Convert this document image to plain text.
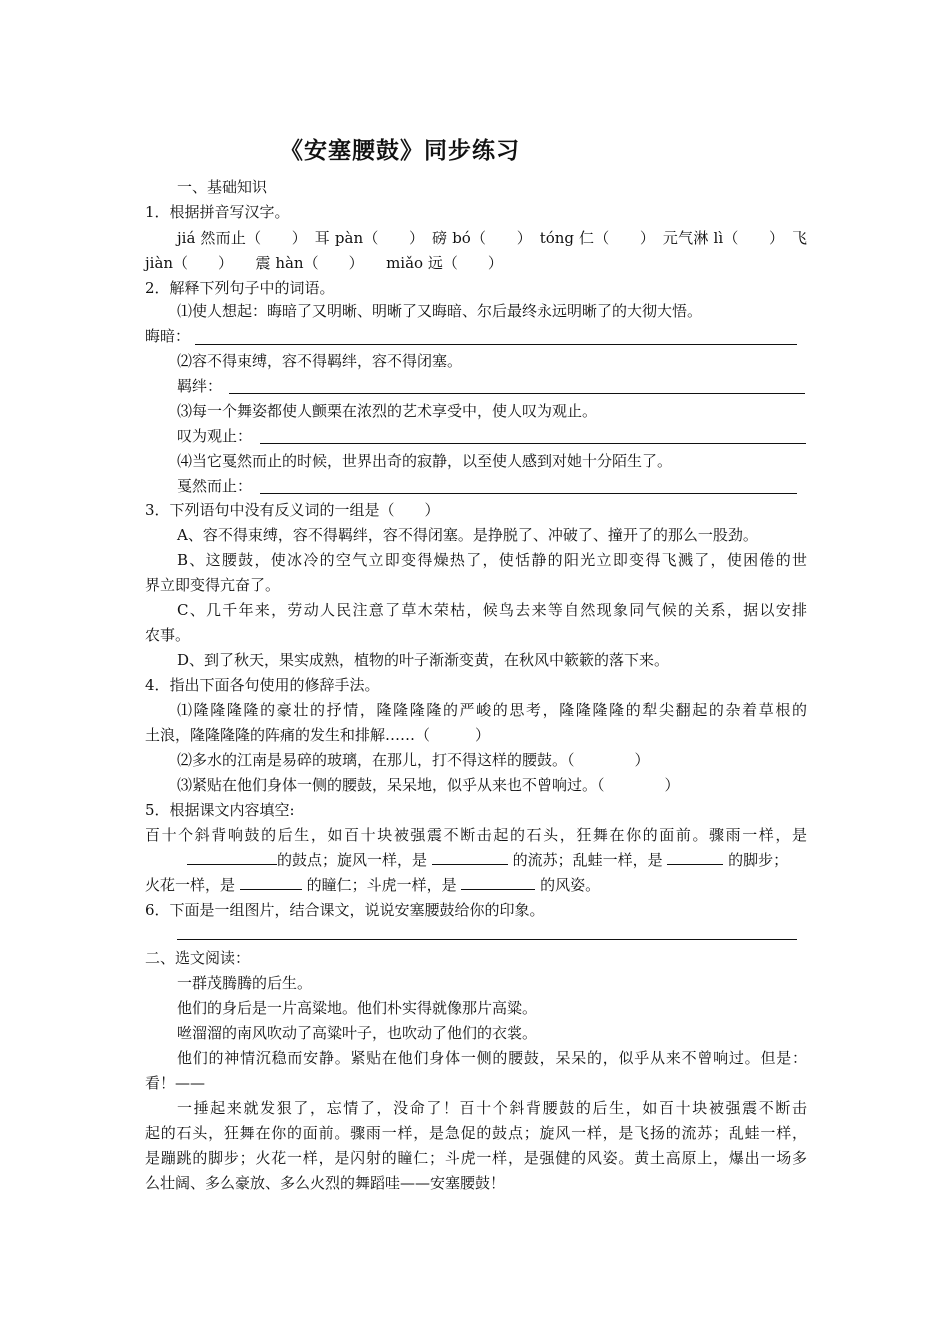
《安塞腰鼓》同步练习
一、基础知识
1．根据拼音写汉字。
jiá 然而止（　　）　耳 pàn（　　）　磅 bó（　　）　tóng 仁（　　）　元气淋 lì（　　）　飞
jiàn（　　）　　震 hàn（　　）　　miǎo 远（　　）
2．解释下列句子中的词语。
⑴使人想起：晦暗了又明晰、明晰了又晦暗、尔后最终永远明晰了的大彻大悟。
晦暗：
⑵容不得束缚，容不得羁绊，容不得闭塞。
羁绊：
⑶每一个舞姿都使人颤栗在浓烈的艺术享受中，使人叹为观止。
叹为观止：
⑷当它戛然而止的时候，世界出奇的寂静，以至使人感到对她十分陌生了。
戛然而止：
3．下列语句中没有反义词的一组是（　　）
A、容不得束缚，容不得羁绊，容不得闭塞。是挣脱了、冲破了、撞开了的那么一股劲。
B、这腰鼓，使冰冷的空气立即变得燥热了，使恬静的阳光立即变得飞溅了，使困倦的世
界立即变得亢奋了。
C、几千年来，劳动人民注意了草木荣枯，候鸟去来等自然现象同气候的关系，据以安排
农事。
D、到了秋天，果实成熟，植物的叶子渐渐变黄，在秋风中簌簌的落下来。
4．指出下面各句使用的修辞手法。
⑴隆隆隆隆的豪壮的抒情，隆隆隆隆的严峻的思考，隆隆隆隆的犁尖翻起的杂着草根的
土浪，隆隆隆隆的阵痛的发生和排解……（　　　）
⑵多水的江南是易碎的玻璃，在那儿，打不得这样的腰鼓。（　　　　）
⑶紧贴在他们身体一侧的腰鼓，呆呆地，似乎从来也不曾响过。（　　　　）
5．根据课文内容填空:
百十个斜背响鼓的后生，如百十块被强震不断击起的石头，狂舞在你的面前。骤雨一样，是
的鼓点；旋风一样，是	的流苏；乱蛙一样，是	的脚步；
火花一样，是	的瞳仁；斗虎一样，是	的风姿。
6．下面是一组图片，结合课文，说说安塞腰鼓给你的印象。
二、选文阅读：
一群茂腾腾的后生。
他们的身后是一片高粱地。他们朴实得就像那片高粱。
咝溜溜的南风吹动了高粱叶子，也吹动了他们的衣裳。
他们的神情沉稳而安静。紧贴在他们身体一侧的腰鼓，呆呆的，似乎从来不曾响过。但是：
看！——
一捶起来就发狠了，忘情了，没命了！百十个斜背腰鼓的后生，如百十块被强震不断击
起的石头，狂舞在你的面前。骤雨一样，是急促的鼓点；旋风一样，是飞扬的流苏；乱蛙一样，
是蹦跳的脚步；火花一样，是闪射的瞳仁；斗虎一样，是强健的风姿。黄土高原上，爆出一场多
么壮阔、多么豪放、多么火烈的舞蹈哇——安塞腰鼓！
